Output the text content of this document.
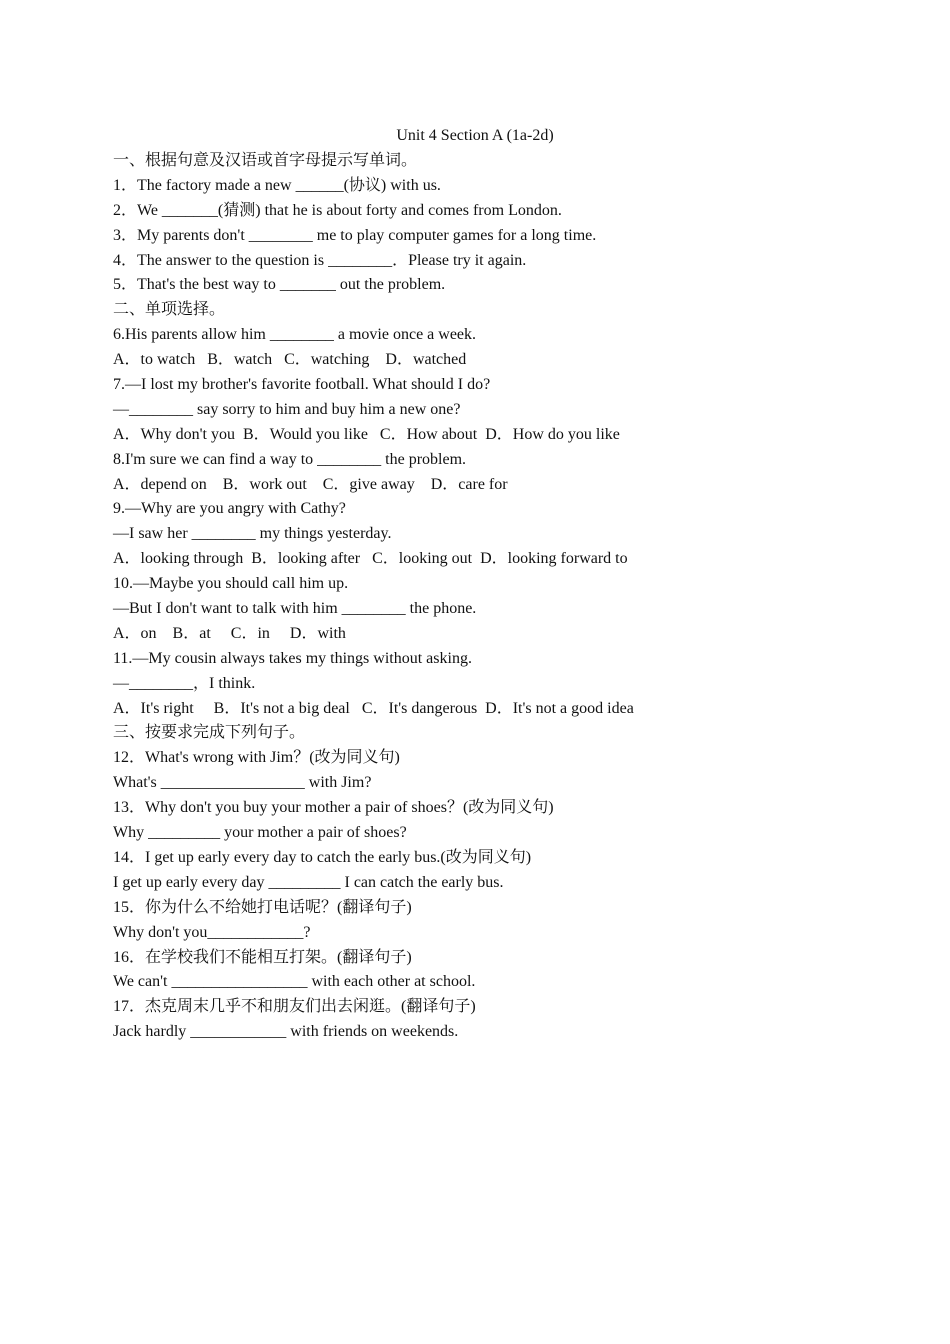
Unit 4 Section A (1a-2d)

一、根据句意及汉语或首字母提示写单词。

1．The factory made a new ______(协议) with us.

2．We _______(猜测) that he is about forty and comes from London.

3．My parents don't ________ me to play computer games for a long time.

4．The answer to the question is ________．Please try it again.

5．That's the best way to _______ out the problem.

二、单项选择。

6.His parents allow him ________ a movie once a week.

A．to watch   B．watch   C．watching    D．watched

7.—I lost my brother's favorite football. What should I do?

—________ say sorry to him and buy him a new one?

A．Why don't you  B．Would you like   C．How about  D．How do you like

8.I'm sure we can find a way to ________ the problem.

A．depend on    B．work out    C．give away    D．care for

9.—Why are you angry with Cathy?

—I saw her ________ my things yesterday.

A．looking through  B．looking after   C．looking out  D．looking forward to

10.—Maybe you should call him up.

—But I don't want to talk with him ________ the phone.

A．on    B．at     C．in     D．with

11.—My cousin always takes my things without asking.

—________，I think.

A．It's right     B．It's not a big deal   C．It's dangerous  D．It's not a good idea

三、按要求完成下列句子。

12．What's wrong with Jim？(改为同义句)

What's __________________ with Jim?

13．Why don't you buy your mother a pair of shoes？(改为同义句)

Why _________ your mother a pair of shoes?

14．I get up early every day to catch the early bus.(改为同义句)

I get up early every day _________ I can catch the early bus.

15．你为什么不给她打电话呢？(翻译句子)

Why don't you____________?

16．在学校我们不能相互打架。(翻译句子)

We can't _________________ with each other at school.

17．杰克周末几乎不和朋友们出去闲逛。(翻译句子)

Jack hardly ____________ with friends on weekends.
